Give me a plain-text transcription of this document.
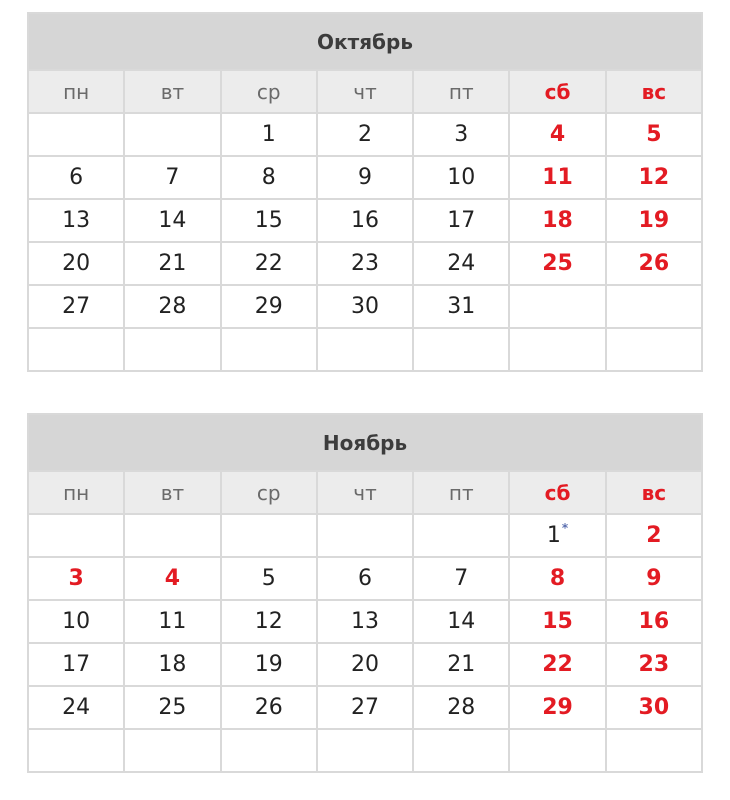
Октябрь						
пн	вт	ср	чт	пт	сб	вс
		1	2	3	4	5
6	7	8	9	10	11	12
13	14	15	16	17	18	19
20	21	22	23	24	25	26
27	28	29	30	31		

Ноябрь						
пн	вт	ср	чт	пт	сб	вс
					1*	2
3	4	5	6	7	8	9
10	11	12	13	14	15	16
17	18	19	20	21	22	23
24	25	26	27	28	29	30
